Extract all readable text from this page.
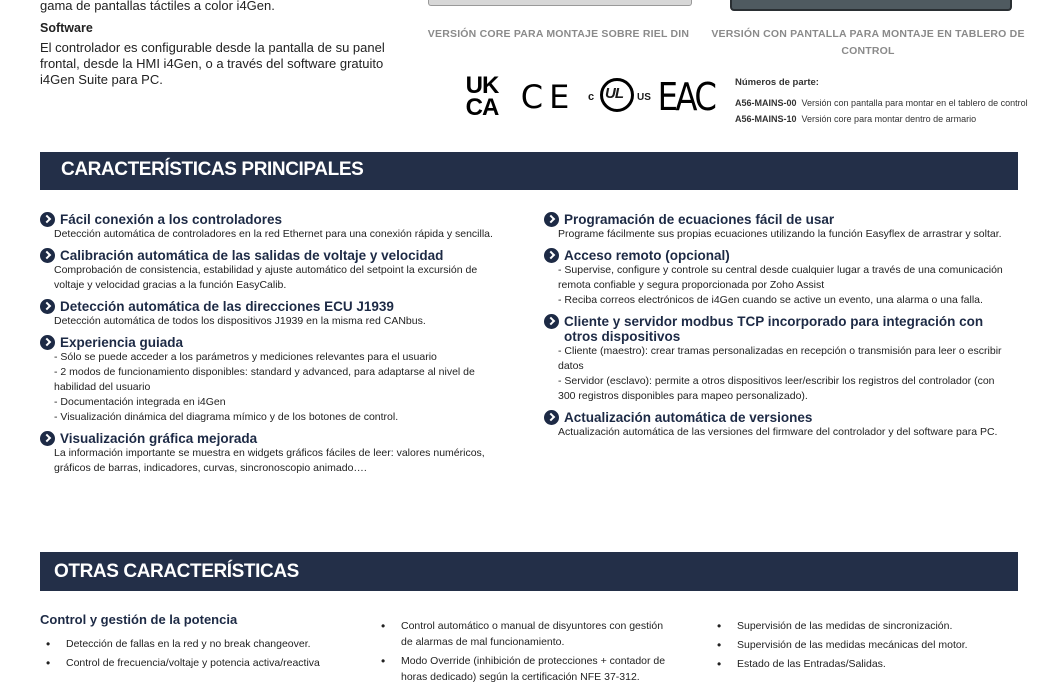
gama de pantallas táctiles a color i4Gen.

Software

El controlador es configurable desde la pantalla de su panel frontal, desde la HMI i4Gen, o a través del software gratuito i4Gen Suite para PC.

VERSIÓN CORE PARA MONTAJE SOBRE RIEL DIN	VERSIÓN CON PANTALLA PARA MONTAJE EN TABLERO DE CONTROL
UK
CA CE c UL US EAC Números de parte:
A56-MAINS-00 Versión con pantalla para montar en el tablero de control
A56-MAINS-10 Versión core para montar dentro de armario
CARACTERÍSTICAS PRINCIPALES
Fácil conexión a los controladores
Detección automática de controladores en la red Ethernet para una conexión rápida y sencilla.
Calibración automática de las salidas de voltaje y velocidad
Comprobación de consistencia, estabilidad y ajuste automático del setpoint la excursión de voltaje y velocidad gracias a la función EasyCalib.
Detección automática de las direcciones ECU J1939
Detección automática de todos los dispositivos J1939 en la misma red CANbus.
Experiencia guiada
- Sólo se puede acceder a los parámetros y mediciones relevantes para el usuario
- 2 modos de funcionamiento disponibles: standard y advanced, para adaptarse al nivel de habilidad del usuario
- Documentación integrada en i4Gen
- Visualización dinámica del diagrama mímico y de los botones de control.
Visualización gráfica mejorada
La información importante se muestra en widgets gráficos fáciles de leer: valores numéricos, gráficos de barras, indicadores, curvas, sincronoscopio animado….
Programación de ecuaciones fácil de usar
Programe fácilmente sus propias ecuaciones utilizando la función Easyflex de arrastrar y soltar.
Acceso remoto (opcional)
- Supervise, configure y controle su central desde cualquier lugar a través de una comunicación remota confiable y segura proporcionada por Zoho Assist
- Reciba correos electrónicos de i4Gen cuando se active un evento, una alarma o una falla.
Cliente y servidor modbus TCP incorporado para integración con otros dispositivos
- Cliente (maestro): crear tramas personalizadas en recepción o transmisión para leer o escribir datos
- Servidor (esclavo): permite a otros dispositivos leer/escribir los registros del controlador (con 300 registros disponibles para mapeo personalizado).
Actualización automática de versiones
Actualización automática de las versiones del firmware del controlador y del software para PC.
OTRAS CARACTERÍSTICAS
Control y gestión de la potencia
• Detección de fallas en la red y no break changeover.
• Control de frecuencia/voltaje y potencia activa/reactiva
• Control automático o manual de disyuntores con gestión de alarmas de mal funcionamiento.
• Modo Override (inhibición de protecciones + contador de horas dedicado) según la certificación NFE 37-312.
• Supervisión de las medidas de sincronización.
• Supervisión de las medidas mecánicas del motor.
• Estado de las Entradas/Salidas.
